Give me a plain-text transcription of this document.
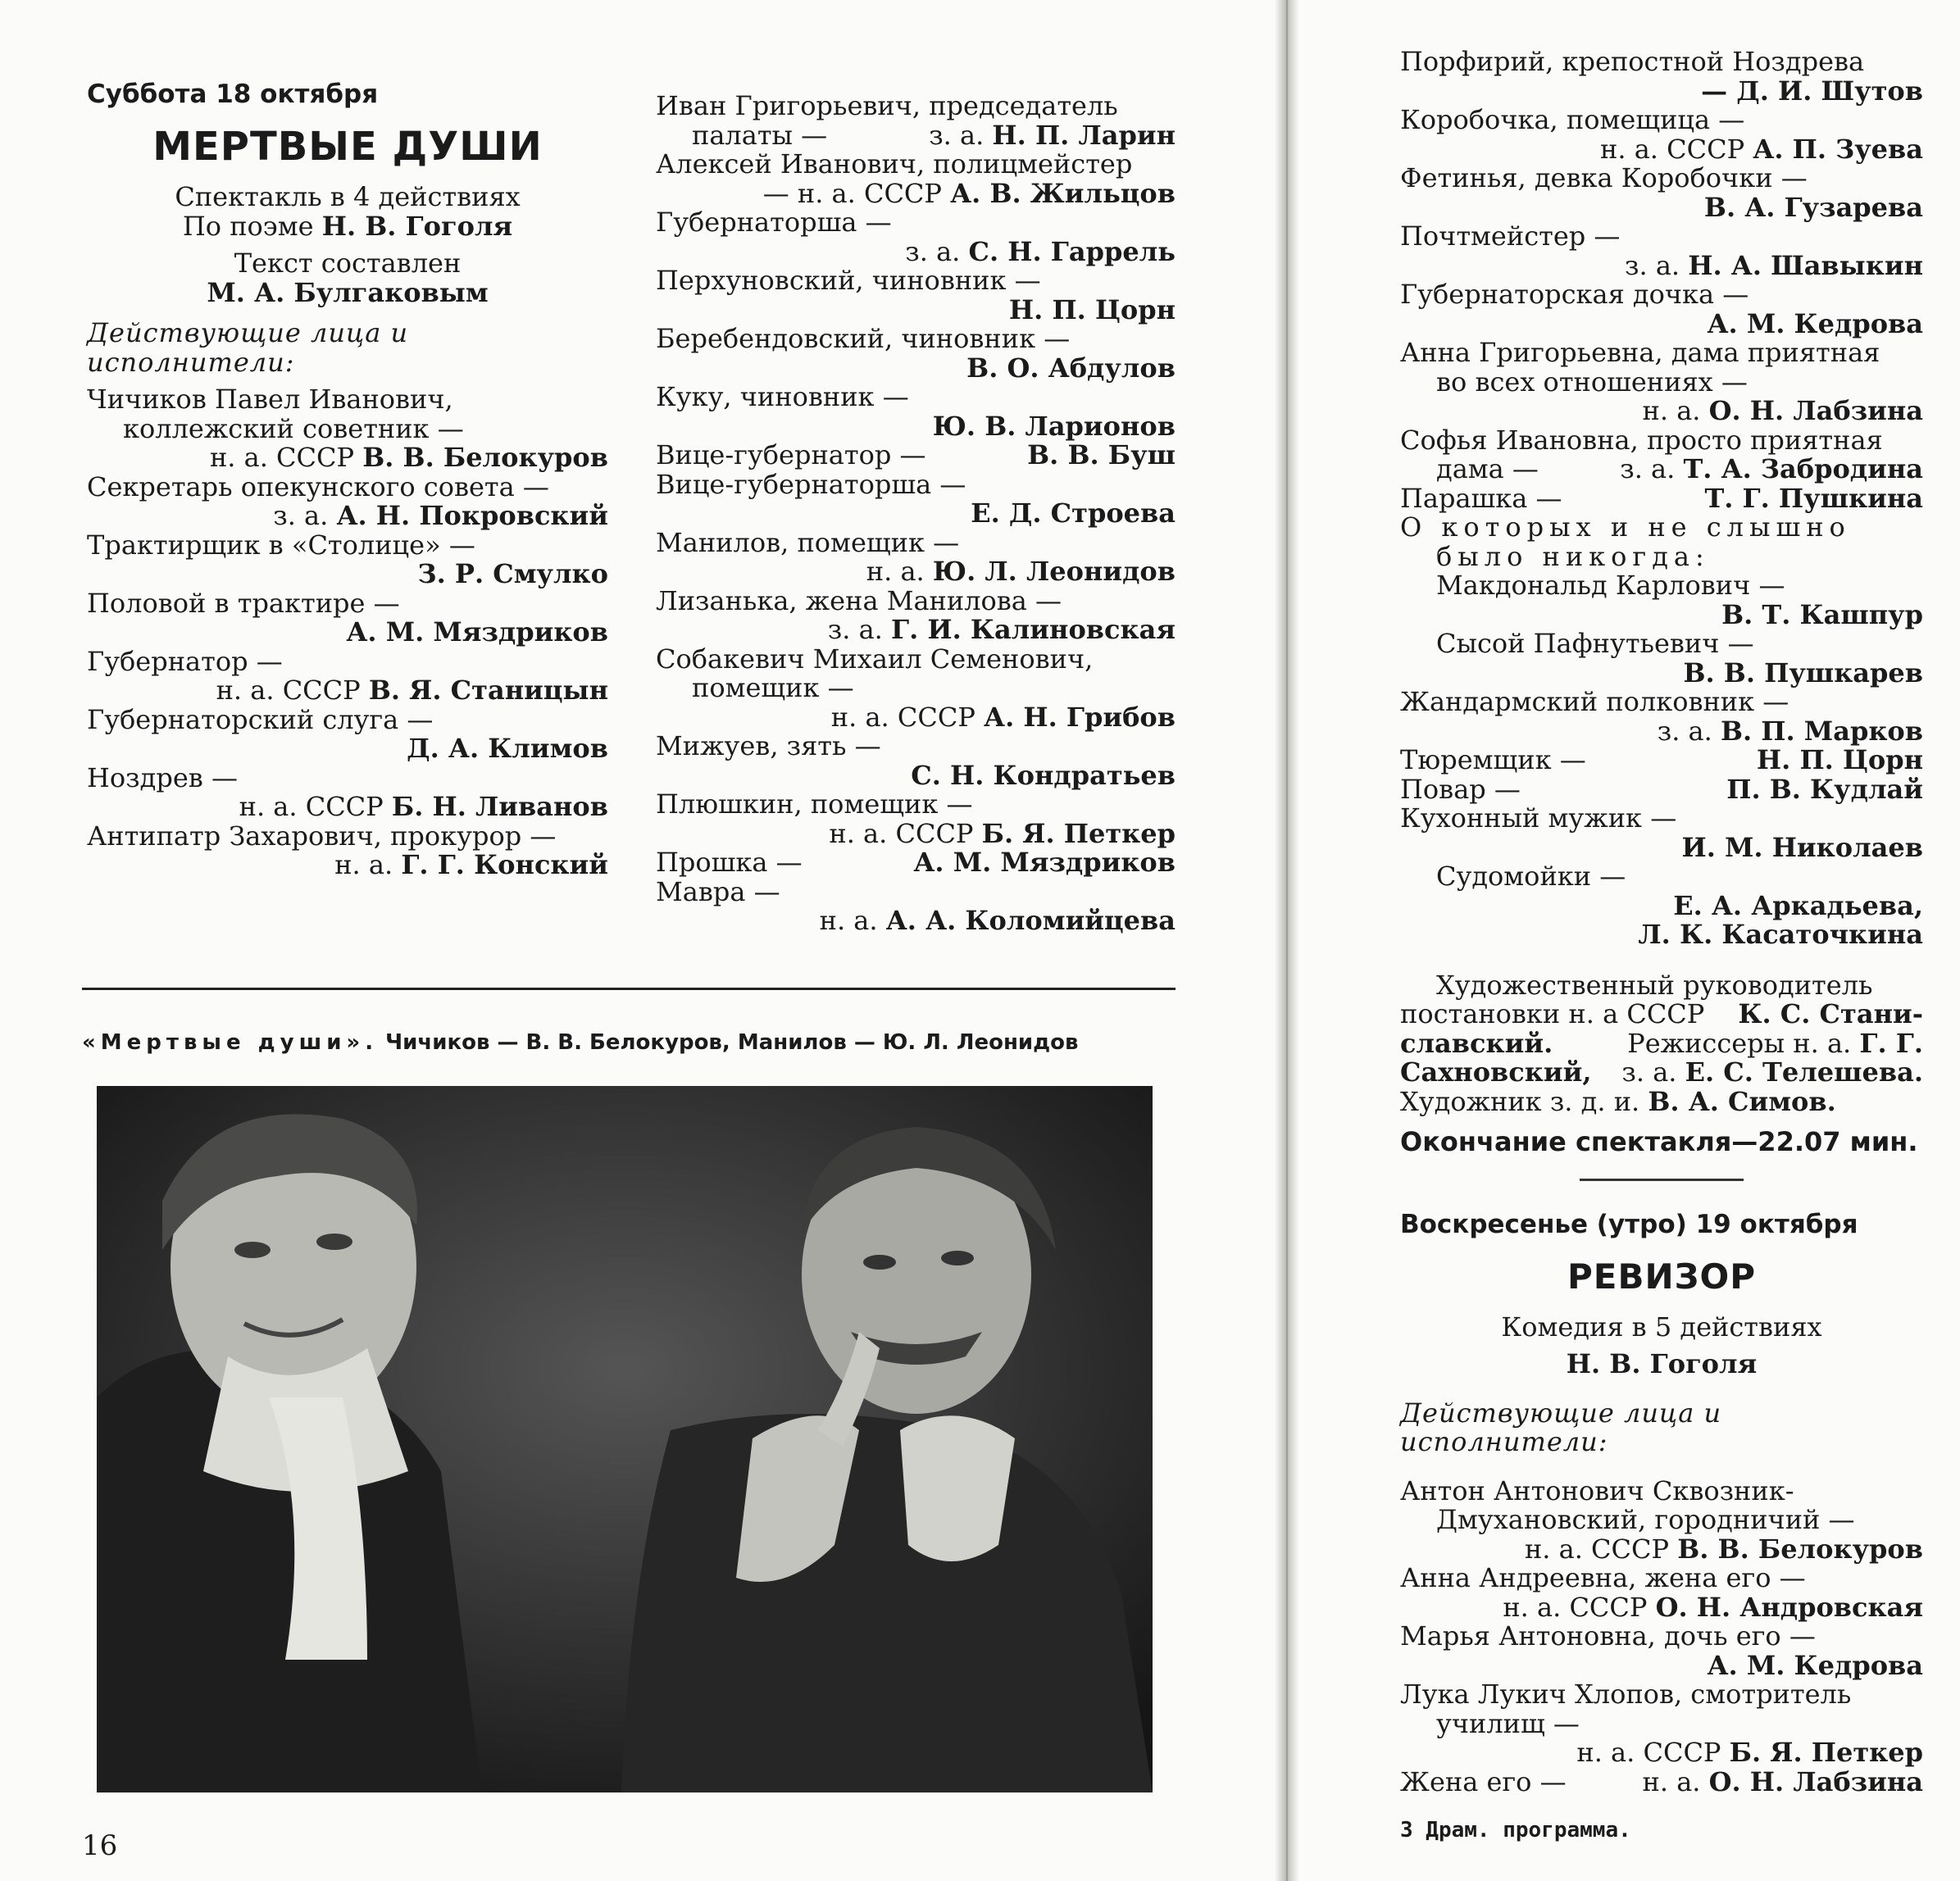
Суббота 18 октября
МЕРТВЫЕ ДУШИ
Спектакль в 4 действиях
По поэме Н. В. Гоголя
Текст составлен
М. А. Булгаковым
Действующие лица и исполнители:
Чичиков Павел Иванович,
коллежский советник —
н. а. СССР В. В. Белокуров
Секретарь опекунского совета —
з. а. А. Н. Покровский
Трактирщик в «Столице» —
З. Р. Смулко
Половой в трактире —
А. М. Мяздриков
Губернатор —
н. а. СССР В. Я. Станицын
Губернаторский слуга —
Д. А. Климов
Ноздрев —
н. а. СССР Б. Н. Ливанов
Антипатр Захарович, прокурор —
н. а. Г. Г. Конский
Иван Григорьевич, председатель
палаты —	з. а. Н. П. Ларин
Алексей Иванович, полицмейстер
— н. а. СССР А. В. Жильцов
Губернаторша —
з. а. С. Н. Гаррель
Перхуновский, чиновник —
Н. П. Цорн
Беребендовский, чиновник —
В. О. Абдулов
Куку, чиновник —
Ю. В. Ларионов
Вице-губернатор —	В. В. Буш
Вице-губернаторша —
Е. Д. Строева
Манилов, помещик —
н. а. Ю. Л. Леонидов
Лизанька, жена Манилова —
з. а. Г. И. Калиновская
Собакевич Михаил Семенович,
помещик —
н. а. СССР А. Н. Грибов
Мижуев, зять —
С. Н. Кондратьев
Плюшкин, помещик —
н. а. СССР Б. Я. Петкер
Прошка —	А. М. Мяздриков
Мавра —
н. а. А. А. Коломийцева
«Мертвые души». Чичиков — В. В. Белокуров, Манилов — Ю. Л. Леонидов
16
Порфирий, крепостной Ноздрева
— Д. И. Шутов
Коробочка, помещица —
н. а. СССР А. П. Зуева
Фетинья, девка Коробочки —
В. А. Гузарева
Почтмейстер —
з. а. Н. А. Шавыкин
Губернаторская дочка —
А. М. Кедрова
Анна Григорьевна, дама приятная
во всех отношениях —
н. а. О. Н. Лабзина
Софья Ивановна, просто приятная
дама —	з. а. Т. А. Забродина
Парашка —	Т. Г. Пушкина
О которых и не слышно
было никогда:
Макдональд Карлович —
В. Т. Кашпур
Сысой Пафнутьевич —
В. В. Пушкарев
Жандармский полковник —
з. а. В. П. Марков
Тюремщик —	Н. П. Цорн
Повар —	П. В. Кудлай
Кухонный мужик —
И. М. Николаев
Судомойки —
Е. А. Аркадьева,
Л. К. Касаточкина
Художественный руководитель
постановки н. а СССР К. С. Стани-
славский.	Режиссеры н. а. Г. Г.
Сахновский, з. а. Е. С. Телешева.
Художник з. д. и. В. А. Симов.
Окончание спектакля—22.07 мин.
Воскресенье (утро) 19 октября
РЕВИЗОР
Комедия в 5 действиях
Н. В. Гоголя
Действующие лица и исполнители:
Антон Антонович Сквозник-
Дмухановский, городничий —
н. а. СССР В. В. Белокуров
Анна Андреевна, жена его —
н. а. СССР О. Н. Андровская
Марья Антоновна, дочь его —
А. М. Кедрова
Лука Лукич Хлопов, смотритель
училищ —
н. а. СССР Б. Я. Петкер
Жена его —	н. а. О. Н. Лабзина
3 Драм. программа.
